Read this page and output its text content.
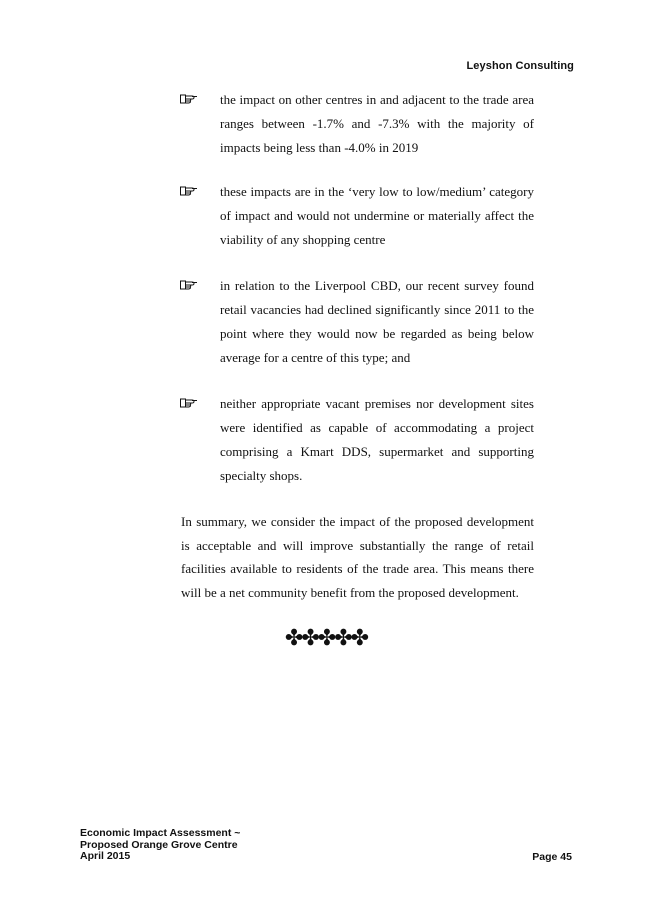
Leyshon Consulting
the impact on other centres in and adjacent to the trade area ranges between -1.7% and -7.3% with the majority of impacts being less than -4.0% in 2019
these impacts are in the ‘very low to low/medium’ category of impact and would not undermine or materially affect the viability of any shopping centre
in relation to the Liverpool CBD, our recent survey found retail vacancies had declined significantly since 2011 to the point where they would now be regarded as being below average for a centre of this type; and
neither appropriate vacant premises nor development sites were identified as capable of accommodating a project comprising a Kmart DDS, supermarket and supporting specialty shops.
In summary, we consider the impact of the proposed development is acceptable and will improve substantially the range of retail facilities available to residents of the trade area. This means there will be a net community benefit from the proposed development.
✤✤✤✤✤
Economic Impact Assessment ~
Proposed Orange Grove Centre
April 2015	Page 45
